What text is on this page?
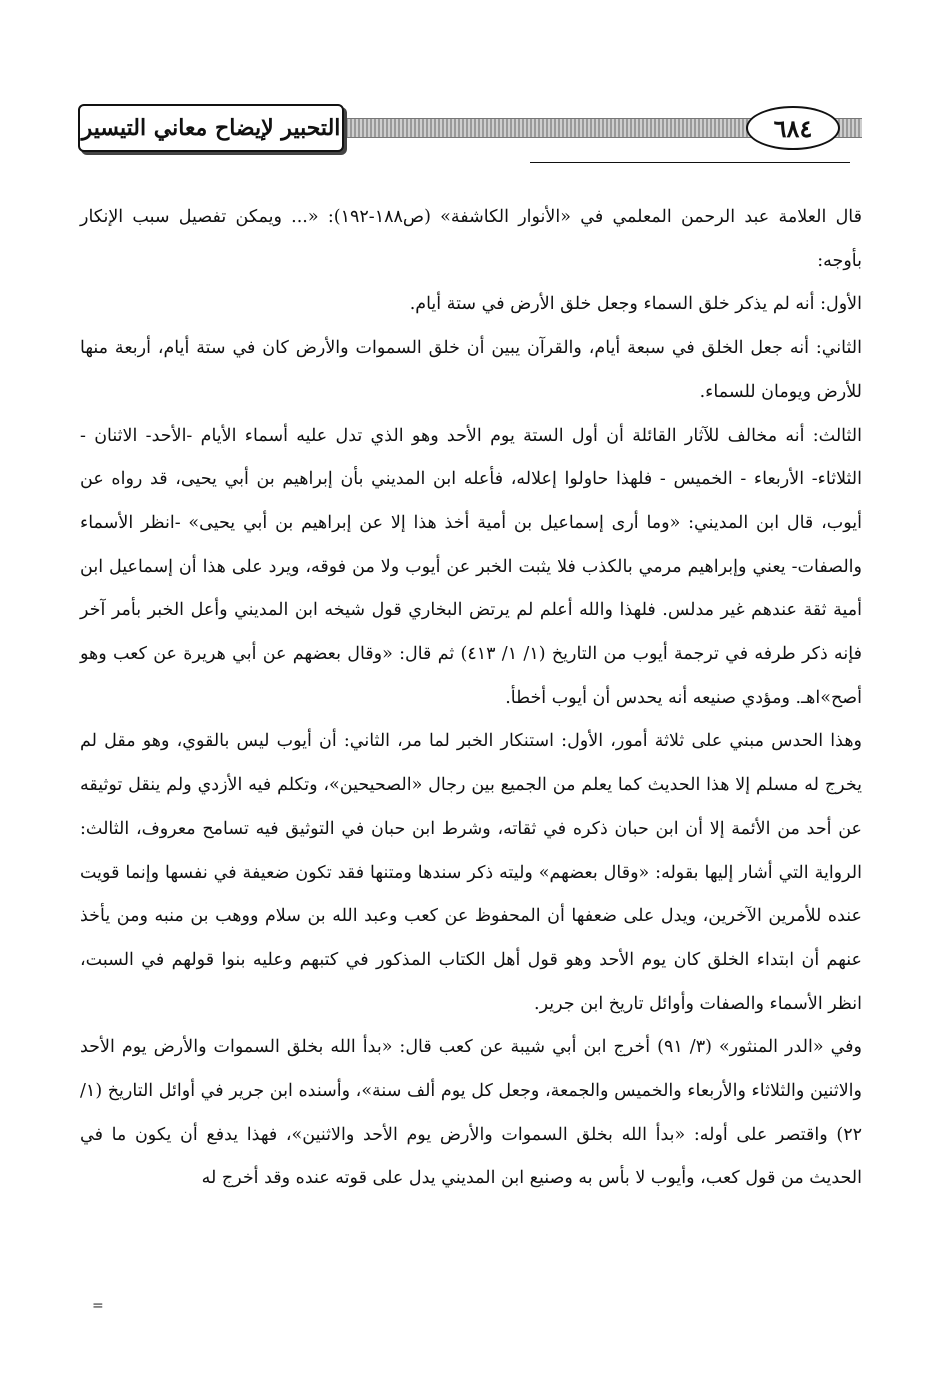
التحبير لإيضاح معاني التيسير	٦٨٤

قال العلامة عبد الرحمن المعلمي في «الأنوار الكاشفة» (ص١٨٨-١٩٢): «... ويمكن تفصيل سبب الإنكار بأوجه:

الأول: أنه لم يذكر خلق السماء وجعل خلق الأرض في ستة أيام.

الثاني: أنه جعل الخلق في سبعة أيام، والقرآن يبين أن خلق السموات والأرض كان في ستة أيام، أربعة منها للأرض ويومان للسماء.

الثالث: أنه مخالف للآثار القائلة أن أول الستة يوم الأحد وهو الذي تدل عليه أسماء الأيام -الأحد- الاثنان - الثلاثاء- الأربعاء - الخميس - فلهذا حاولوا إعلاله، فأعله ابن المديني بأن إبراهيم بن أبي يحيى، قد رواه عن أيوب، قال ابن المديني: «وما أرى إسماعيل بن أمية أخذ هذا إلا عن إبراهيم بن أبي يحيى» -انظر الأسماء والصفات- يعني وإبراهيم مرمي بالكذب فلا يثبت الخبر عن أيوب ولا من فوقه، ويرد على هذا أن إسماعيل ابن أمية ثقة عندهم غير مدلس. فلهذا والله أعلم لم يرتض البخاري قول شيخه ابن المديني وأعل الخبر بأمر آخر فإنه ذكر طرفه في ترجمة أيوب من التاريخ (١/ ١/ ٤١٣) ثم قال: «وقال بعضهم عن أبي هريرة عن كعب وهو أصح»اهـ. ومؤدي صنيعه أنه يحدس أن أيوب أخطأ.

وهذا الحدس مبني على ثلاثة أمور، الأول: استنكار الخبر لما مر، الثاني: أن أيوب ليس بالقوي، وهو مقل لم يخرج له مسلم إلا هذا الحديث كما يعلم من الجميع بين رجال «الصحيحين»، وتكلم فيه الأزدي ولم ينقل توثيقه عن أحد من الأئمة إلا أن ابن حبان ذكره في ثقاته، وشرط ابن حبان في التوثيق فيه تسامح معروف، الثالث: الرواية التي أشار إليها بقوله: «وقال بعضهم» وليته ذكر سندها ومتنها فقد تكون ضعيفة في نفسها وإنما قويت عنده للأمرين الآخرين، ويدل على ضعفها أن المحفوظ عن كعب وعبد الله بن سلام ووهب بن منبه ومن يأخذ عنهم أن ابتداء الخلق كان يوم الأحد وهو قول أهل الكتاب المذكور في كتبهم وعليه بنوا قولهم في السبت، انظر الأسماء والصفات وأوائل تاريخ ابن جرير.

وفي «الدر المنثور» (٣/ ٩١) أخرج ابن أبي شيبة عن كعب قال: «بدأ الله بخلق السموات والأرض يوم الأحد والاثنين والثلاثاء والأربعاء والخميس والجمعة، وجعل كل يوم ألف سنة»، وأسنده ابن جرير في أوائل التاريخ (١/ ٢٢) واقتصر على أوله: «بدأ الله بخلق السموات والأرض يوم الأحد والاثنين»، فهذا يدفع أن يكون ما في الحديث من قول كعب، وأيوب لا بأس به وصنيع ابن المديني يدل على قوته عنده وقد أخرج له

=
